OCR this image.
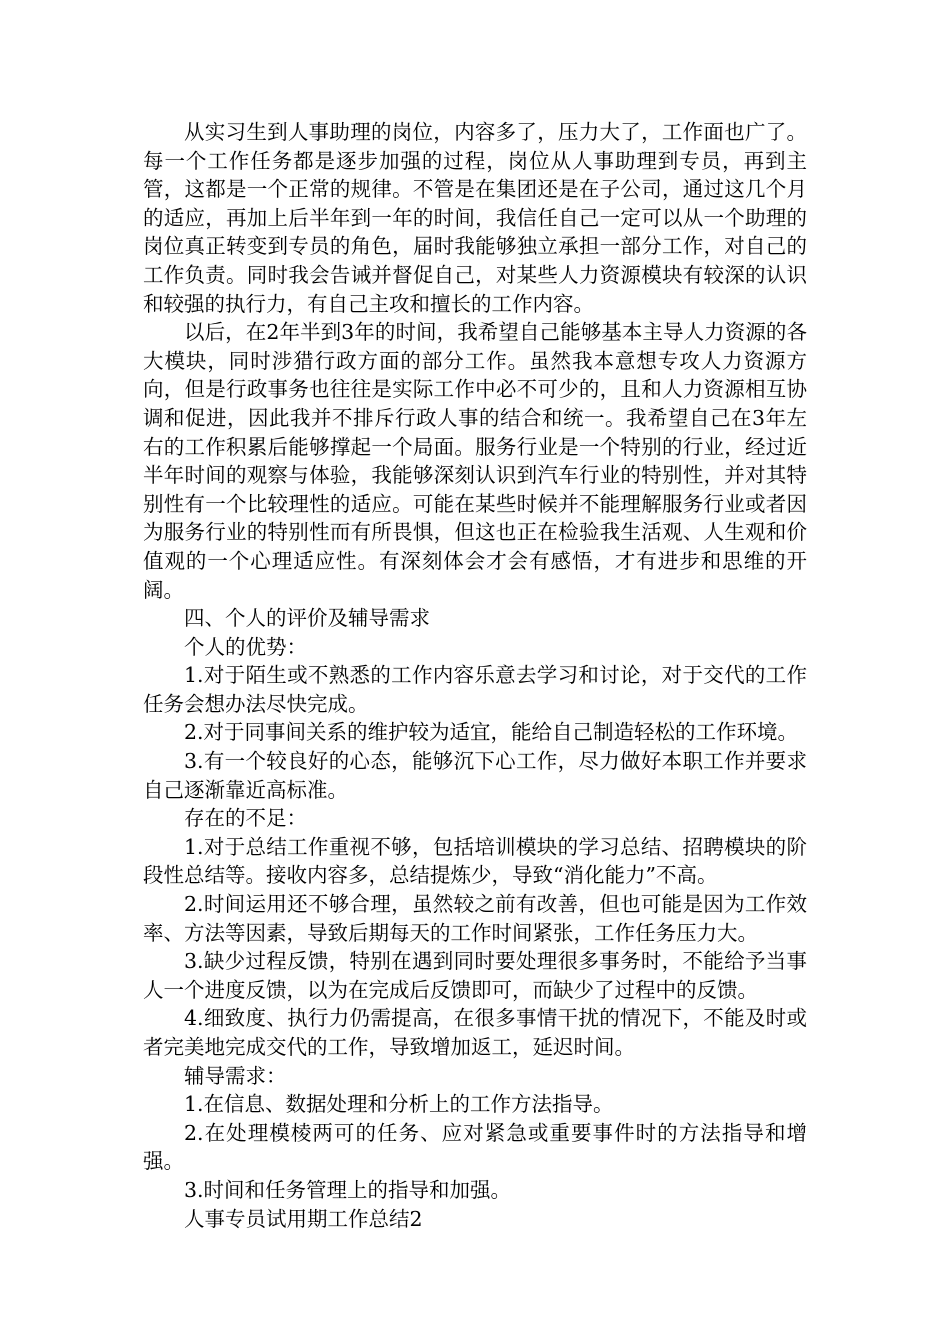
从实习生到人事助理的岗位，内容多了，压力大了，工作面也广了。每一个工作任务都是逐步加强的过程，岗位从人事助理到专员，再到主管，这都是一个正常的规律。不管是在集团还是在子公司，通过这几个月的适应，再加上后半年到一年的时间，我信任自己一定可以从一个助理的岗位真正转变到专员的角色，届时我能够独立承担一部分工作，对自己的工作负责。同时我会告诫并督促自己，对某些人力资源模块有较深的认识和较强的执行力，有自己主攻和擅长的工作内容。

以后，在2年半到3年的时间，我希望自己能够基本主导人力资源的各大模块，同时涉猎行政方面的部分工作。虽然我本意想专攻人力资源方向，但是行政事务也往往是实际工作中必不可少的，且和人力资源相互协调和促进，因此我并不排斥行政人事的结合和统一。我希望自己在3年左右的工作积累后能够撑起一个局面。服务行业是一个特别的行业，经过近半年时间的观察与体验，我能够深刻认识到汽车行业的特别性，并对其特别性有一个比较理性的适应。可能在某些时候并不能理解服务行业或者因为服务行业的特别性而有所畏惧，但这也正在检验我生活观、人生观和价值观的一个心理适应性。有深刻体会才会有感悟，才有进步和思维的开阔。

四、个人的评价及辅导需求

个人的优势：

1.对于陌生或不熟悉的工作内容乐意去学习和讨论，对于交代的工作任务会想办法尽快完成。

2.对于同事间关系的维护较为适宜，能给自己制造轻松的工作环境。

3.有一个较良好的心态，能够沉下心工作，尽力做好本职工作并要求自己逐渐靠近高标准。

存在的不足：

1.对于总结工作重视不够，包括培训模块的学习总结、招聘模块的阶段性总结等。接收内容多，总结提炼少，导致“消化能力”不高。

2.时间运用还不够合理，虽然较之前有改善，但也可能是因为工作效率、方法等因素，导致后期每天的工作时间紧张，工作任务压力大。

3.缺少过程反馈，特别在遇到同时要处理很多事务时，不能给予当事人一个进度反馈，以为在完成后反馈即可，而缺少了过程中的反馈。

4.细致度、执行力仍需提高，在很多事情干扰的情况下，不能及时或者完美地完成交代的工作，导致增加返工，延迟时间。

辅导需求：

1.在信息、数据处理和分析上的工作方法指导。

2.在处理模棱两可的任务、应对紧急或重要事件时的方法指导和增强。

3.时间和任务管理上的指导和加强。

人事专员试用期工作总结2
